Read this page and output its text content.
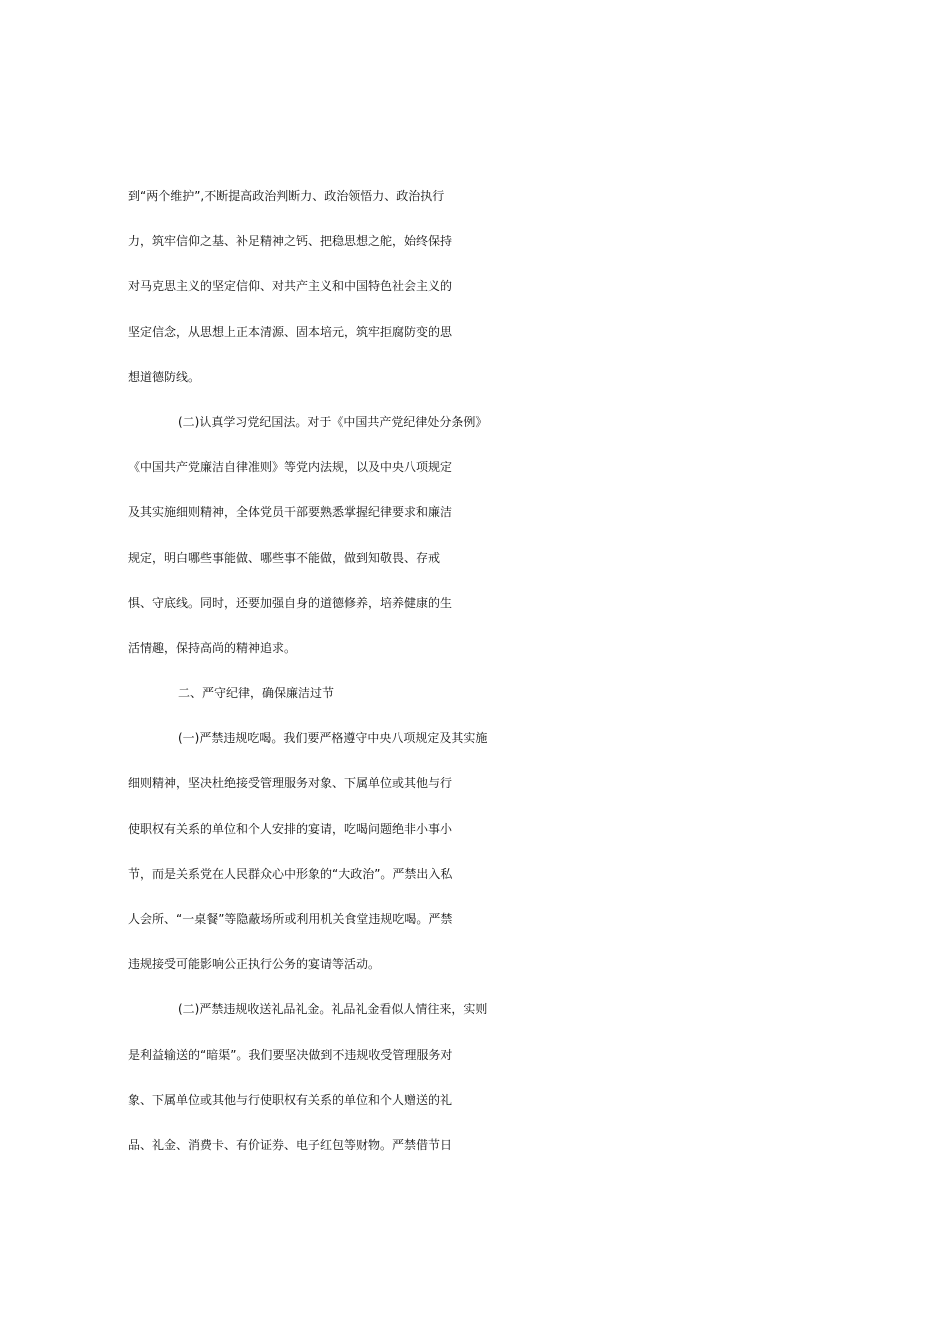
到“两个维护”,不断提高政治判断力、政治领悟力、政治执行
力，筑牢信仰之基、补足精神之钙、把稳思想之舵，始终保持
对马克思主义的坚定信仰、对共产主义和中国特色社会主义的
坚定信念，从思想上正本清源、固本培元，筑牢拒腐防变的思
想道德防线。
(二)认真学习党纪国法。对于《中国共产党纪律处分条例》
《中国共产党廉洁自律准则》等党内法规，以及中央八项规定
及其实施细则精神，全体党员干部要熟悉掌握纪律要求和廉洁
规定，明白哪些事能做、哪些事不能做，做到知敬畏、存戒
惧、守底线。同时，还要加强自身的道德修养，培养健康的生
活情趣，保持高尚的精神追求。
二、严守纪律，确保廉洁过节
(一)严禁违规吃喝。我们要严格遵守中央八项规定及其实施
细则精神，坚决杜绝接受管理服务对象、下属单位或其他与行
使职权有关系的单位和个人安排的宴请，吃喝问题绝非小事小
节，而是关系党在人民群众心中形象的“大政治”。严禁出入私
人会所、“一桌餐”等隐蔽场所或利用机关食堂违规吃喝。严禁
违规接受可能影响公正执行公务的宴请等活动。
(二)严禁违规收送礼品礼金。礼品礼金看似人情往来，实则
是利益输送的“暗渠”。我们要坚决做到不违规收受管理服务对
象、下属单位或其他与行使职权有关系的单位和个人赠送的礼
品、礼金、消费卡、有价证券、电子红包等财物。严禁借节日
